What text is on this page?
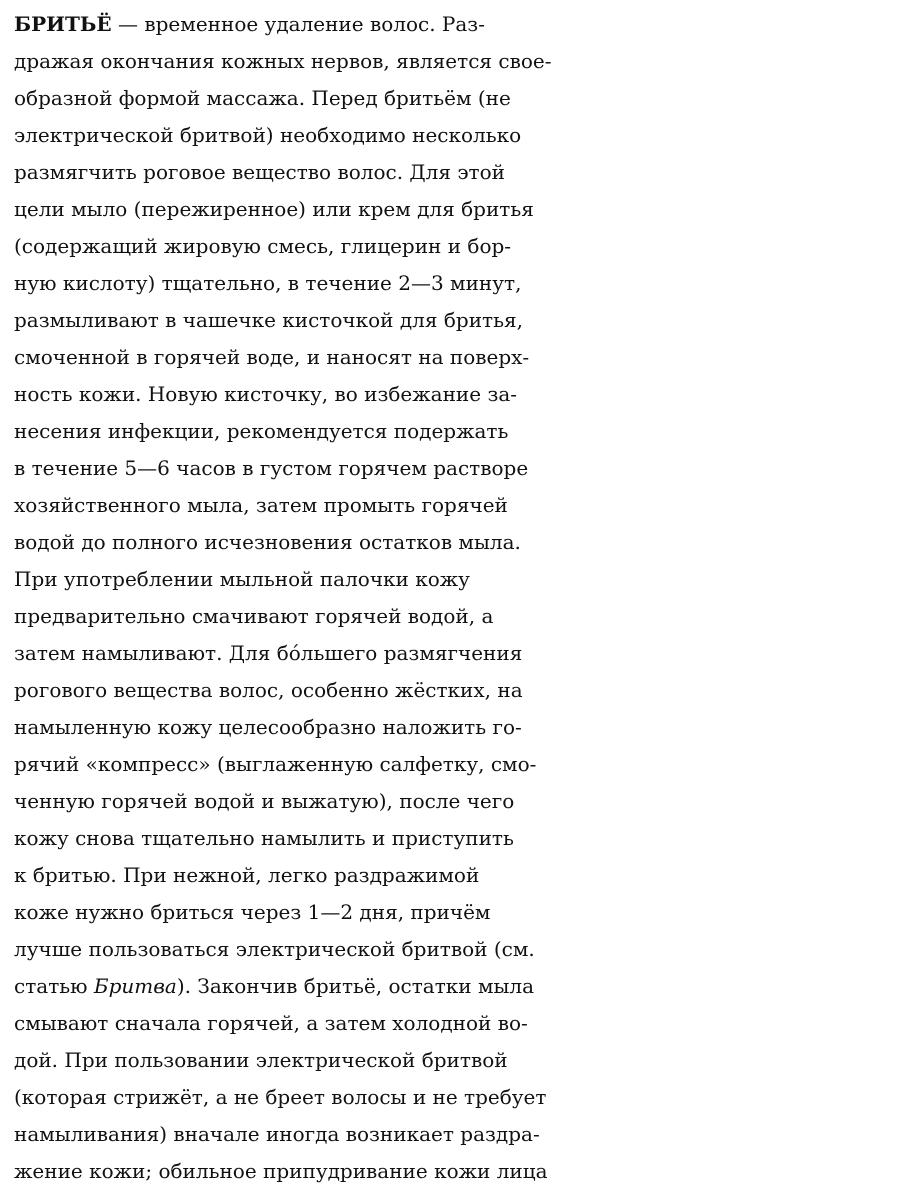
БРИТЬЁ — временное удаление волос. Раз-
дражая окончания кожных нервов, является свое-
образной формой массажа. Перед бритьём (не
электрической бритвой) необходимо несколько
размягчить роговое вещество волос. Для этой
цели мыло (пережиренное) или крем для бритья
(содержащий жировую смесь, глицерин и бор-
ную кислоту) тщательно, в течение 2—3 минут,
размыливают в чашечке кисточкой для бритья,
смоченной в горячей воде, и наносят на поверх-
ность кожи. Новую кисточку, во избежание за-
несения инфекции, рекомендуется подержать
в течение 5—6 часов в густом горячем растворе
хозяйственного мыла, затем промыть горячей
водой до полного исчезновения остатков мыла.
При употреблении мыльной палочки кожу
предварительно смачивают горячей водой, а
затем намыливают. Для бóльшего размягчения
рогового вещества волос, особенно жёстких, на
намыленную кожу целесообразно наложить го-
рячий «компресс» (выглаженную салфетку, смо-
ченную горячей водой и выжатую), после чего
кожу снова тщательно намылить и приступить
к бритью. При нежной, легко раздражимой
коже нужно бриться через 1—2 дня, причём
лучше пользоваться электрической бритвой (см.
статью Бритва). Закончив бритьё, остатки мыла
смывают сначала горячей, а затем холодной во-
дой. При пользовании электрической бритвой
(которая стрижёт, а не бреет волосы и не требует
намыливания) вначале иногда возникает раздра-
жение кожи; обильное припудривание кожи лица
